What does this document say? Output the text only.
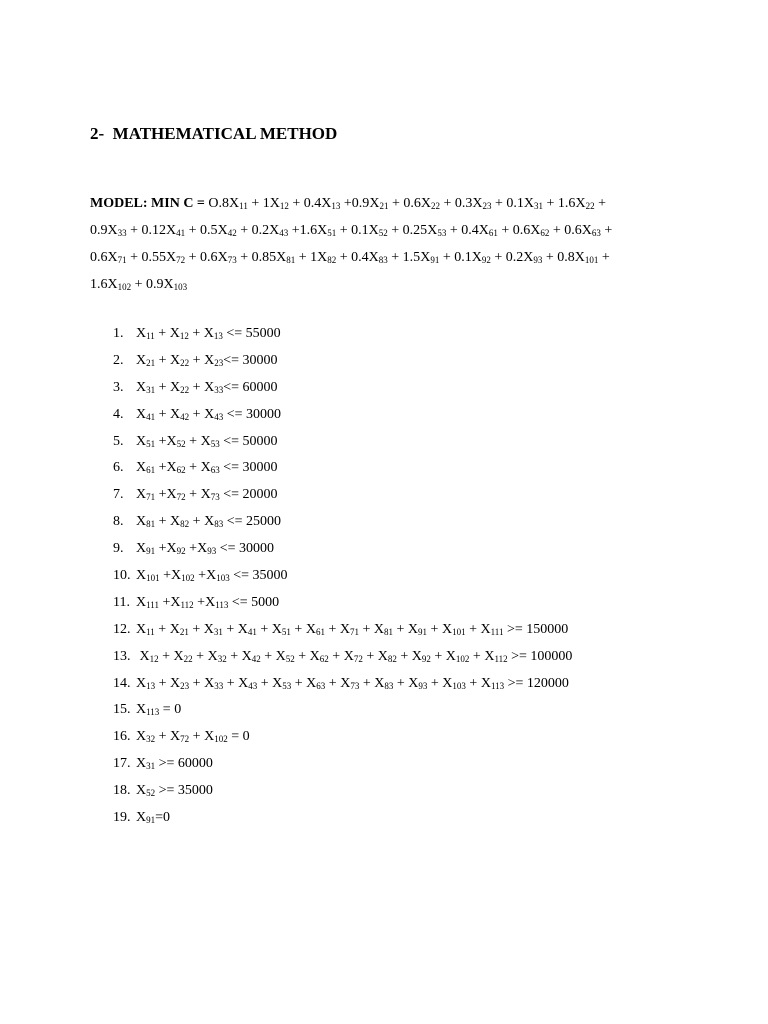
2-  MATHEMATICAL METHOD
MODEL: MIN $C = O.8X_{11} + 1X_{12} + 0.4X_{13} +0.9X_{21} + 0.6X_{22} + 0.3X_{23} + 0.1X_{31} + 1.6X_{22}$ +
$0.9X_{33} + 0.12X_{41} + 0.5X_{42} + 0.2X_{43} +1.6X_{51} + 0.1X_{52} + 0.25X_{53} + 0.4X_{61} + 0.6X_{62} + 0.6X_{63}$ +
$0.6X_{71} + 0.55X_{72} + 0.6X_{73} + 0.85X_{81} + 1X_{82} + 0.4X_{83} + 1.5X_{91} + 0.1X_{92} + 0.2X_{93} + 0.8X_{101}$ +
$1.6X_{102} + 0.9X_{103}$
1. $X_{11} + X_{12} + X_{13} <= 55000$
2. $X_{21} + X_{22} + X_{23}<= 30000$
3. $X_{31} + X_{22} + X_{33}<= 60000$
4. $X_{41} + X_{42} + X_{43} <= 30000$
5. $X_{51} +X_{52} + X_{53} <= 50000$
6. $X_{61} +X_{62} + X_{63} <= 30000$
7. $X_{71} +X_{72} + X_{73} <= 20000$
8. $X_{81} + X_{82} + X_{83} <= 25000$
9. $X_{91} +X_{92} +X_{93} <= 30000$
10. $X_{101} +X_{102} +X_{103} <= 35000$
11. $X_{111} +X_{112} +X_{113} <= 5000$
12. $X_{11} + X_{21} + X_{31} + X_{41} + X_{51} + X_{61} + X_{71} + X_{81} + X_{91} + X_{101} + X_{111} >= 150000$
13. $X_{12} + X_{22} + X_{32} + X_{42} + X_{52} + X_{62} + X_{72} + X_{82} + X_{92} + X_{102} + X_{112} >= 100000$
14. $X_{13} + X_{23} + X_{33} + X_{43} + X_{53} + X_{63} + X_{73} + X_{83} + X_{93} + X_{103} + X_{113} >= 120000$
15. $X_{113} = 0$
16. $X_{32} + X_{72} + X_{102} = 0$
17. $X_{31} >= 60000$
18. $X_{52} >= 35000$
19. $X_{91}=0$
